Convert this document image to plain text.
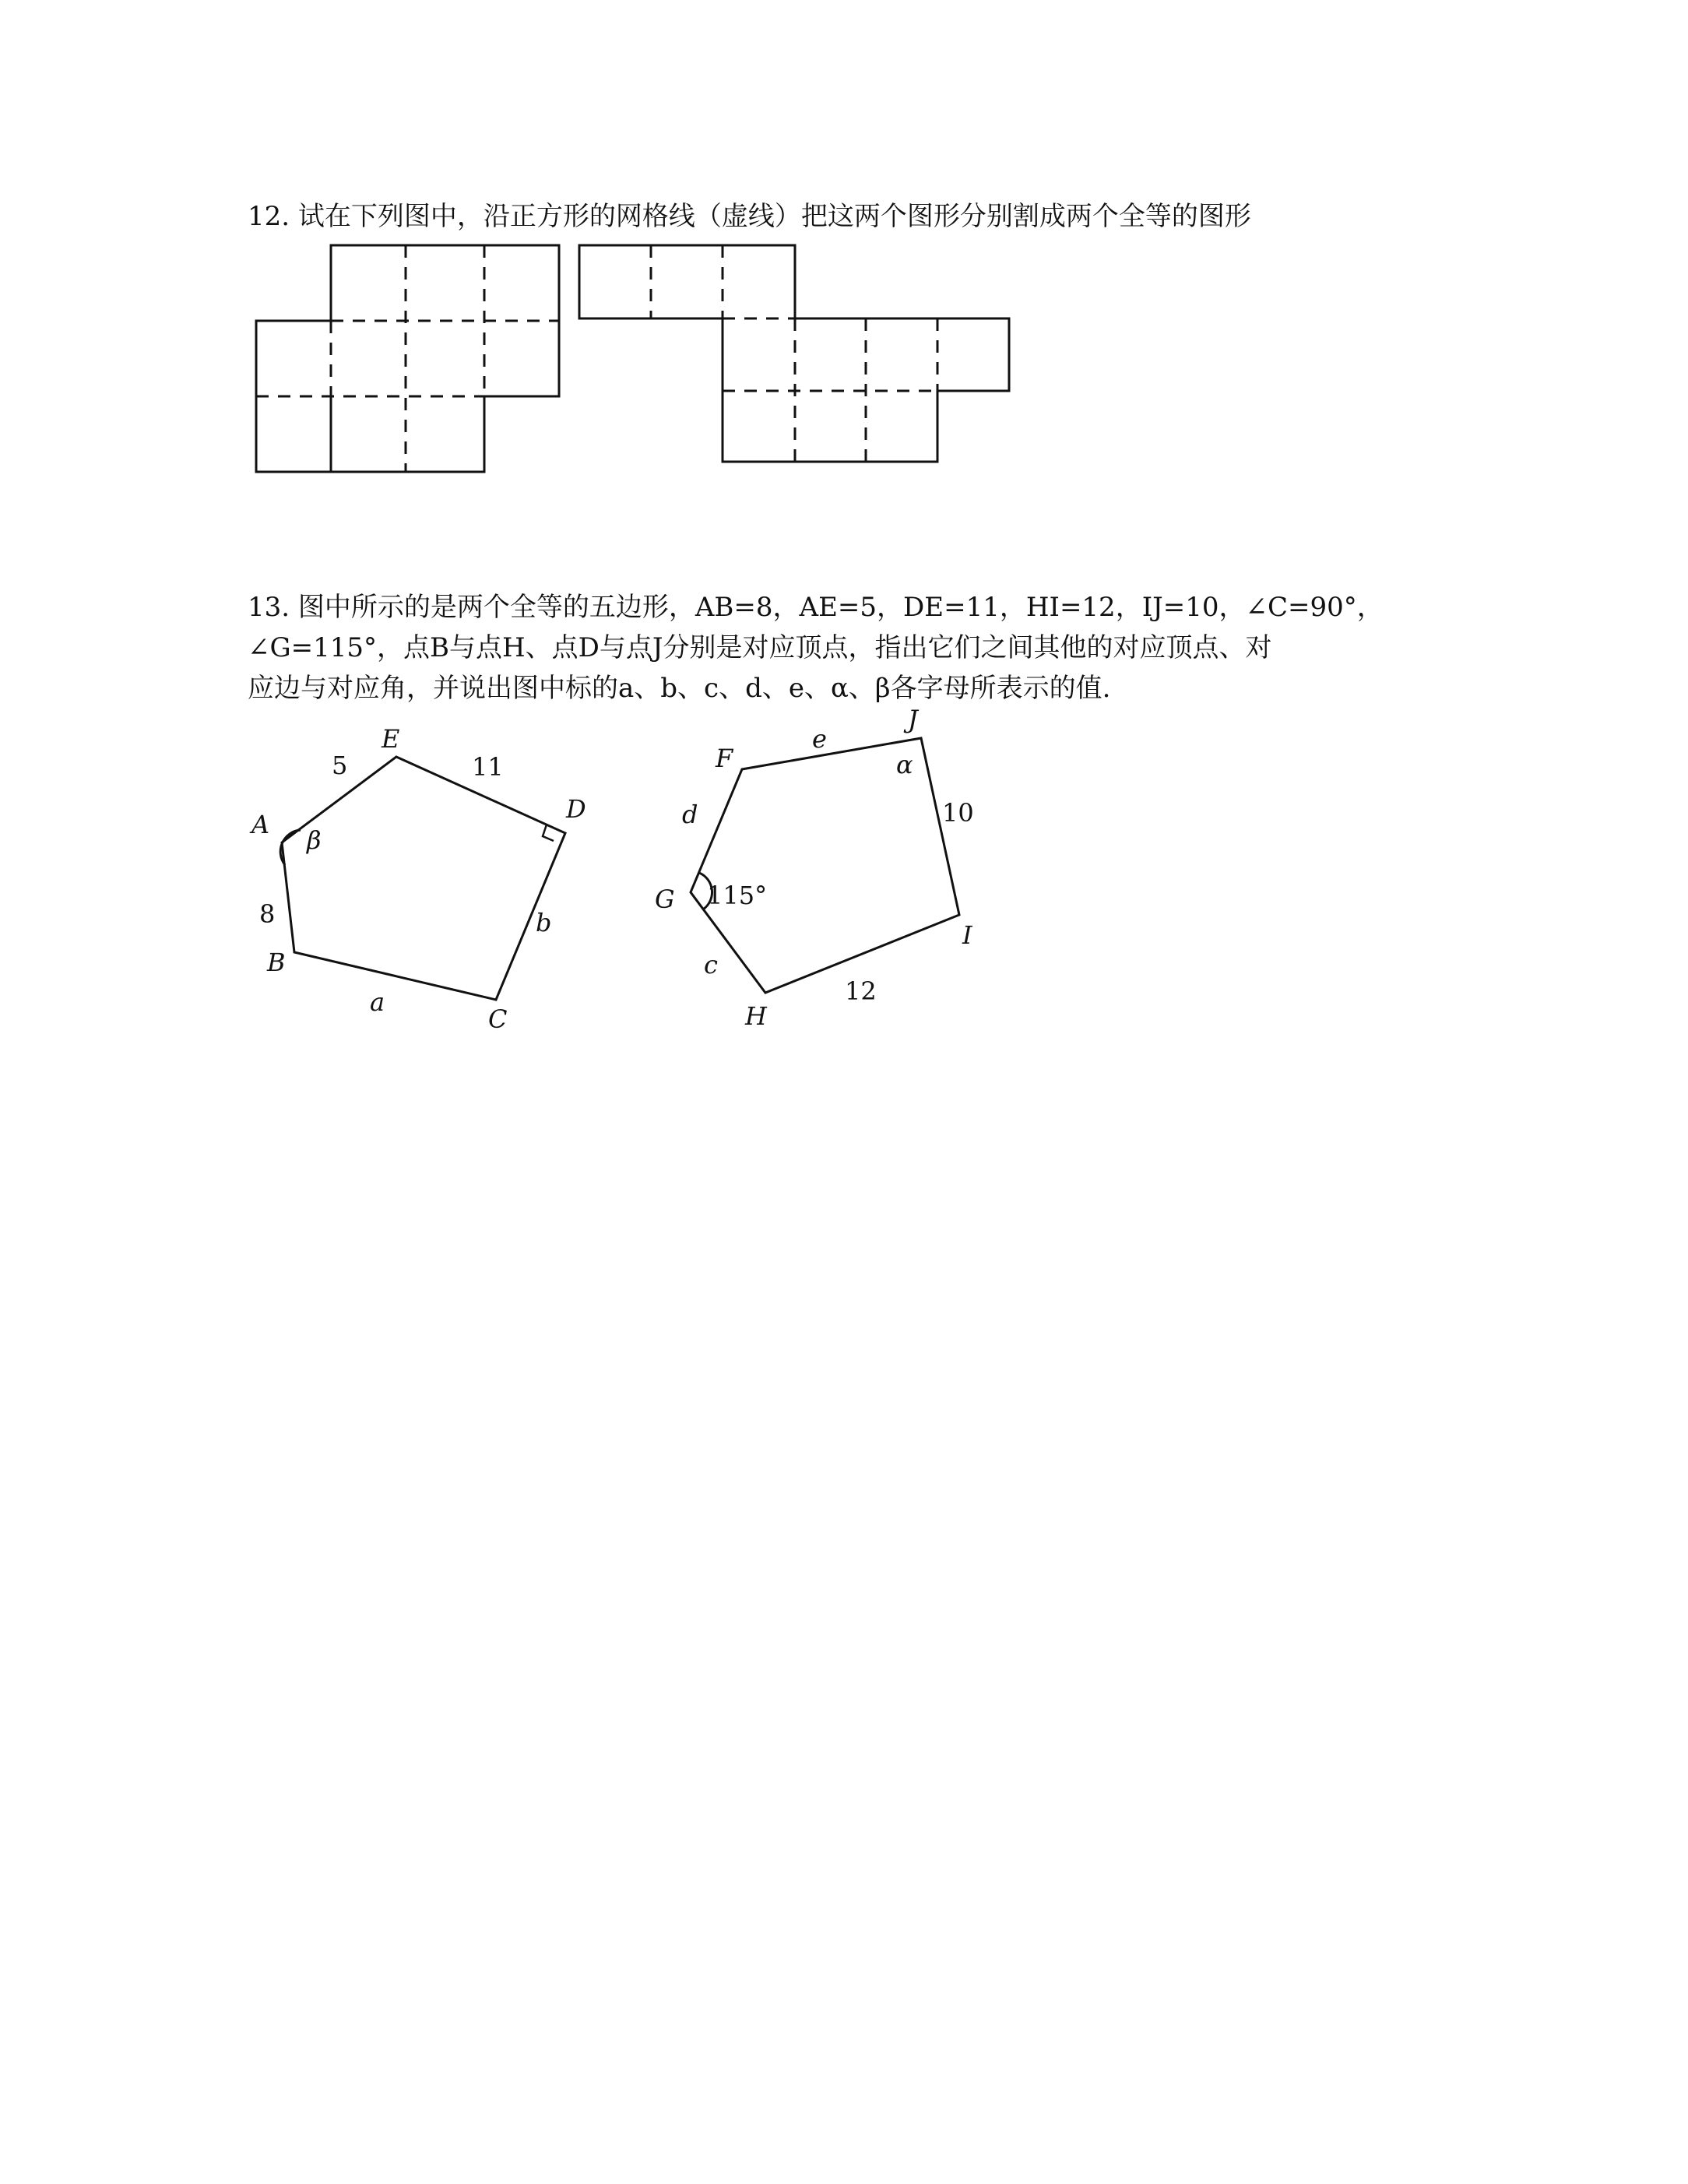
12. 试在下列图中，沿正方形的网格线（虚线）把这两个图形分别割成两个全等的图形
13. 图中所示的是两个全等的五边形，AB=8，AE=5，DE=11，HI=12，IJ=10，∠C=90°，
∠G=115°，点B与点H、点D与点J分别是对应顶点，指出它们之间其他的对应顶点、对
应边与对应角，并说出图中标的a、b、c、d、e、α、β各字母所表示的值.
A
B
C
D
E
8
a
b
11
5
β
F
G
H
I
J
d
c
12
10
e
115°
α
